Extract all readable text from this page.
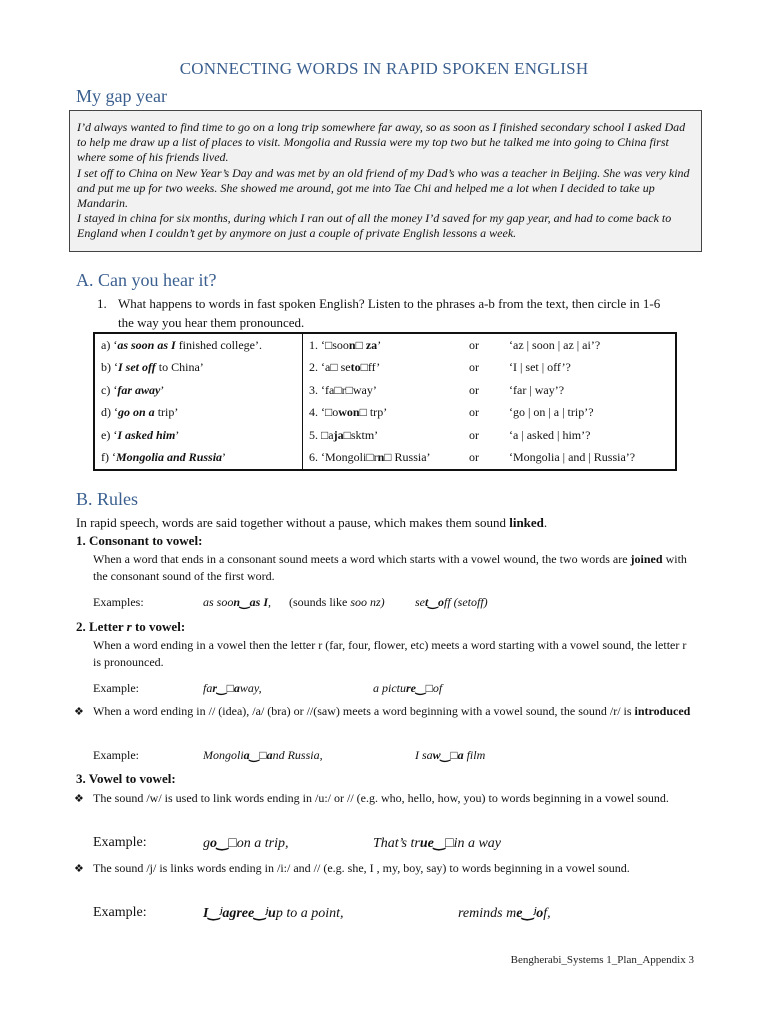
CONNECTING WORDS IN RAPID SPOKEN ENGLISH
My gap year

I’d always wanted to find time to go on a long trip somewhere far away, so as soon as I finished secondary school I asked Dad to help me draw up a list of places to visit. Mongolia and Russia were my top two but he talked me into going to China first where some of his friends lived.

I set off to China on New Year’s Day and was met by an old friend of my Dad’s who was a teacher in Beijing. She was very kind and put me up for two weeks. She showed me around, got me into Tae Chi and helped me a lot when I decided to take up Mandarin.

I stayed in china for six months, during which I ran out of all the money I’d saved for my gap year, and had to come back to England when I couldn’t get by anymore on just a couple of private English lessons a week.

A. Can you hear it?
1. What happens to words in fast spoken English? Listen to the phrases a-b from the text, then circle in 1-6 the way you hear them pronounced.
a) ‘as soon as I finished college’.	1. ‘□soon□ za’ or ‘az | soon | az | ai’?
b) ‘I set off to China’	2. ‘a□ seto□ff’ or ‘I | set | off’?
c) ‘far away’	3. ‘fa□r□way’ or ‘far | way’?
d) ‘go on a trip’	4. ‘□owon□ trp’ or ‘go | on | a | trip’?
e) ‘I asked him’	5. □aja□sktm’ or ‘a | asked | him’?
f) ‘Mongolia and Russia’	6. ‘Mongoli□rn□ Russia’ or ‘Mongolia | and | Russia’?
B. Rules
In rapid speech, words are said together without a pause, which makes them sound linked.
1. Consonant to vowel:
When a word that ends in a consonant sound meets a word which starts with a vowel wound, the two words are joined with the consonant sound of the first word.
Examples:	as soon‿as I, (sounds like soo nz)	set‿off (setoff)
2. Letter r to vowel:
When a word ending in a vowel then the letter r (far, four, flower, etc) meets a word starting with a vowel sound, the letter r is pronounced.
Example:	far‿□away,	a picture‿□of
❖ When a word ending in // (idea), /a/ (bra) or //(saw) meets a word beginning with a vowel sound, the sound /r/ is introduced
Example:	Mongolia‿□and Russia,	I saw‿□a film
3. Vowel to vowel:
❖ The sound /w/ is used to link words ending in /u:/ or // (e.g. who, hello, how, you) to words beginning in a vowel sound.
Example:	go‿□on a trip,	That’s true‿□in a way
❖ The sound /j/ is links words ending in /i:/ and // (e.g. she, I , my, boy, say) to words beginning in a vowel sound.
Example:	I‿ʲagree‿ʲup to a point,	reminds me‿ʲof,
Bengherabi_Systems 1_Plan_Appendix 3
